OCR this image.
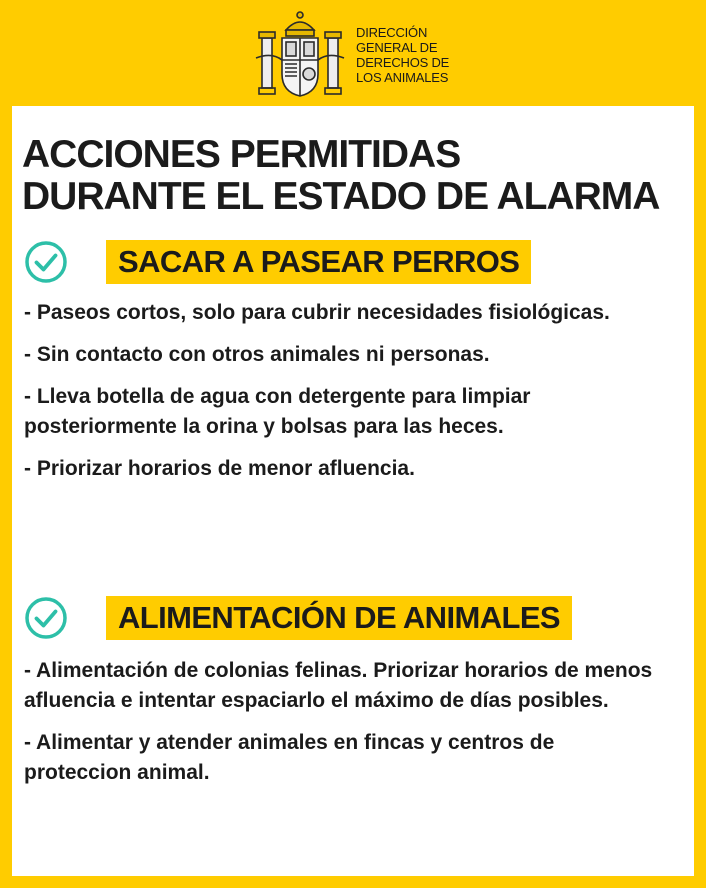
DIRECCIÓN
GENERAL DE
DERECHOS DE
LOS ANIMALES
ACCIONES PERMITIDAS
DURANTE EL ESTADO DE ALARMA
SACAR A PASEAR PERROS

- Paseos cortos, solo para cubrir necesidades fisiológicas.

- Sin contacto con otros animales ni personas.

- Lleva botella de agua con detergente para limpiar posteriormente la orina y bolsas para las heces.

- Priorizar horarios de menor afluencia.

ALIMENTACIÓN DE ANIMALES

- Alimentación de colonias felinas. Priorizar horarios de menos afluencia e intentar espaciarlo el máximo de días posibles.

- Alimentar y atender animales en fincas y centros de proteccion animal.
